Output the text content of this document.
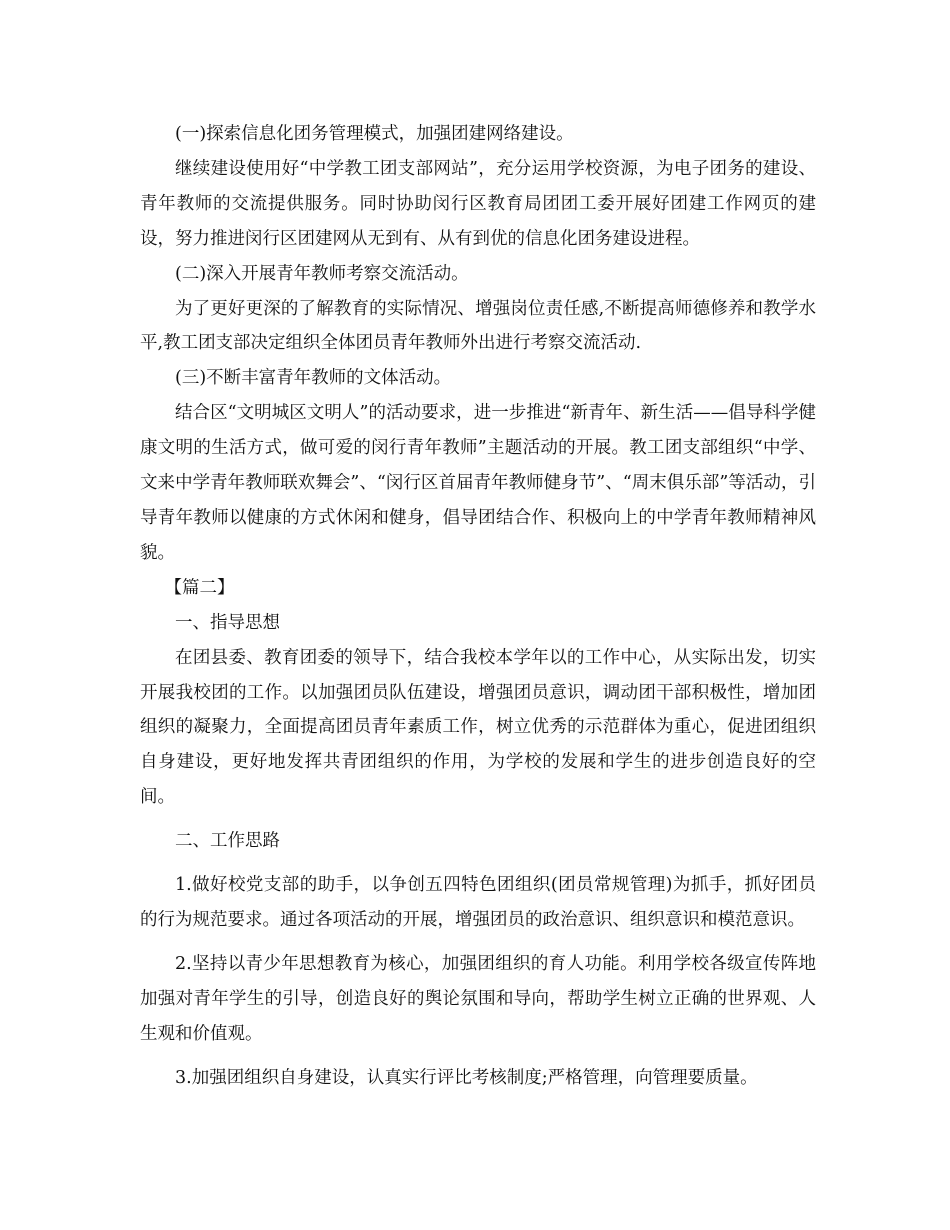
(一)探索信息化团务管理模式，加强团建网络建设。

继续建设使用好“中学教工团支部网站”，充分运用学校资源，为电子团务的建设、青年教师的交流提供服务。同时协助闵行区教育局团团工委开展好团建工作网页的建设，努力推进闵行区团建网从无到有、从有到优的信息化团务建设进程。

(二)深入开展青年教师考察交流活动。

为了更好更深的了解教育的实际情况、增强岗位责任感,不断提高师德修养和教学水平,教工团支部决定组织全体团员青年教师外出进行考察交流活动.

(三)不断丰富青年教师的文体活动。

结合区“文明城区文明人”的活动要求，进一步推进“新青年、新生活——倡导科学健康文明的生活方式，做可爱的闵行青年教师”主题活动的开展。教工团支部组织“中学、文来中学青年教师联欢舞会”、“闵行区首届青年教师健身节”、“周末俱乐部”等活动，引导青年教师以健康的方式休闲和健身，倡导团结合作、积极向上的中学青年教师精神风貌。

【篇二】

一、指导思想

在团县委、教育团委的领导下，结合我校本学年以的工作中心，从实际出发，切实开展我校团的工作。以加强团员队伍建设，增强团员意识，调动团干部积极性，增加团组织的凝聚力，全面提高团员青年素质工作，树立优秀的示范群体为重心，促进团组织自身建设，更好地发挥共青团组织的作用，为学校的发展和学生的进步创造良好的空间。

二、工作思路

1.做好校党支部的助手，以争创五四特色团组织(团员常规管理)为抓手，抓好团员的行为规范要求。通过各项活动的开展，增强团员的政治意识、组织意识和模范意识。

2.坚持以青少年思想教育为核心，加强团组织的育人功能。利用学校各级宣传阵地加强对青年学生的引导，创造良好的舆论氛围和导向，帮助学生树立正确的世界观、人生观和价值观。

3.加强团组织自身建设，认真实行评比考核制度;严格管理，向管理要质量。
